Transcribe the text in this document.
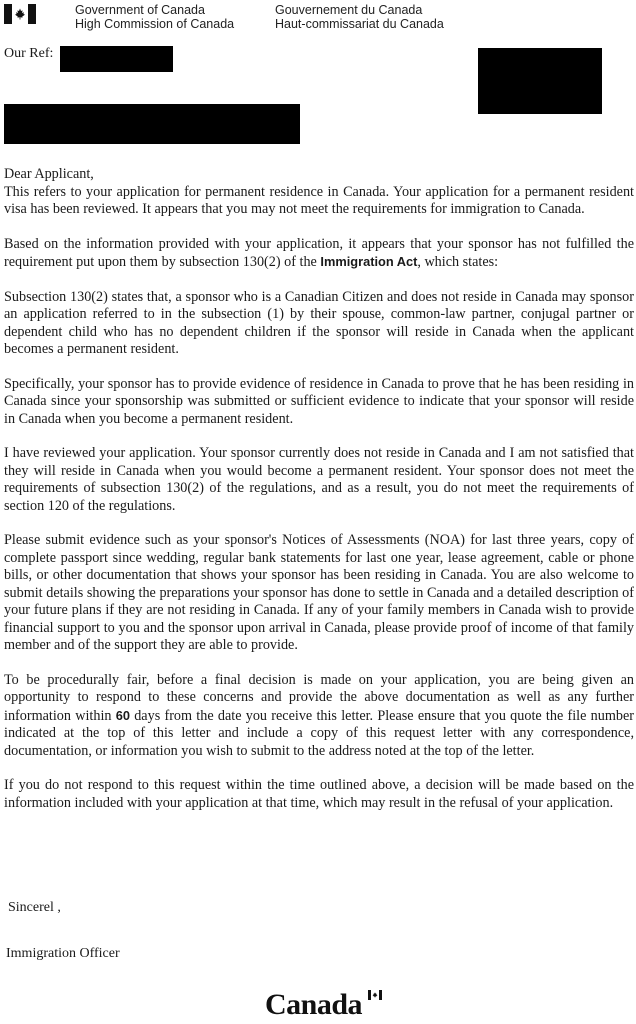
Government of Canada
High Commission of Canada
Gouvernement du Canada
Haut-commissariat du Canada
Our Ref:

Dear Applicant,

This refers to your application for permanent residence in Canada. Your application for a permanent resident visa has been reviewed. It appears that you may not meet the requirements for immigration to Canada.

Based on the information provided with your application, it appears that your sponsor has not fulfilled the requirement put upon them by subsection 130(2) of the Immigration Act, which states:

Subsection 130(2) states that, a sponsor who is a Canadian Citizen and does not reside in Canada may sponsor an application referred to in the subsection (1) by their spouse, common-law partner, conjugal partner or dependent child who has no dependent children if the sponsor will reside in Canada when the applicant becomes a permanent resident.

Specifically, your sponsor has to provide evidence of residence in Canada to prove that he has been residing in Canada since your sponsorship was submitted or sufficient evidence to indicate that your sponsor will reside in Canada when you become a permanent resident.

I have reviewed your application. Your sponsor currently does not reside in Canada and I am not satisfied that they will reside in Canada when you would become a permanent resident. Your sponsor does not meet the requirements of subsection 130(2) of the regulations, and as a result, you do not meet the requirements of section 120 of the regulations.

Please submit evidence such as your sponsor's Notices of Assessments (NOA) for last three years, copy of complete passport since wedding, regular bank statements for last one year, lease agreement, cable or phone bills, or other documentation that shows your sponsor has been residing in Canada. You are also welcome to submit details showing the preparations your sponsor has done to settle in Canada and a detailed description of your future plans if they are not residing in Canada. If any of your family members in Canada wish to provide financial support to you and the sponsor upon arrival in Canada, please provide proof of income of that family member and of the support they are able to provide.

To be procedurally fair, before a final decision is made on your application, you are being given an opportunity to respond to these concerns and provide the above documentation as well as any further information within 60 days from the date you receive this letter. Please ensure that you quote the file number indicated at the top of this letter and include a copy of this request letter with any correspondence, documentation, or information you wish to submit to the address noted at the top of the letter.

If you do not respond to this request within the time outlined above, a decision will be made based on the information included with your application at that time, which may result in the refusal of your application.

Sincerel ,
Immigration Officer
Canada
